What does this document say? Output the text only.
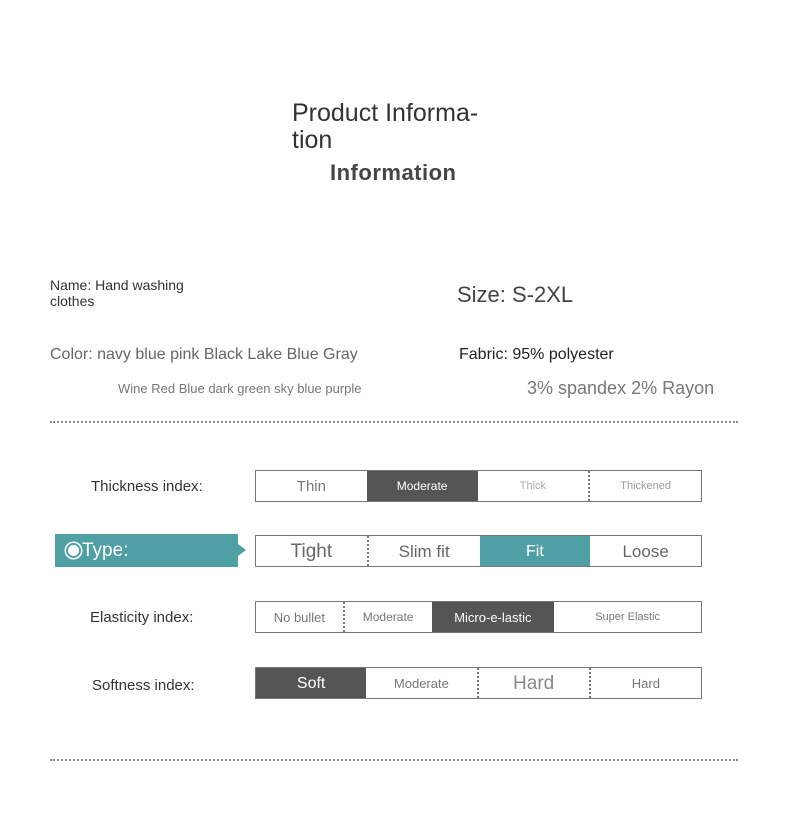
Product Informa- tion
Information
Name: Hand washing clothes	Size: S-2XL
Color: navy blue pink Black Lake Blue Gray
Wine Red Blue dark green sky blue purple
Fabric: 95% polyester
3% spandex 2% Rayon
Thickness index:	Thin	Moderate	Thick	Thickened
Type:	Tight	Slim fit	Fit	Loose
Elasticity index:	No bullet	Moderate	Micro-e-lastic	Super Elastic
Softness index:	Soft	Moderate	Hard	Hard
